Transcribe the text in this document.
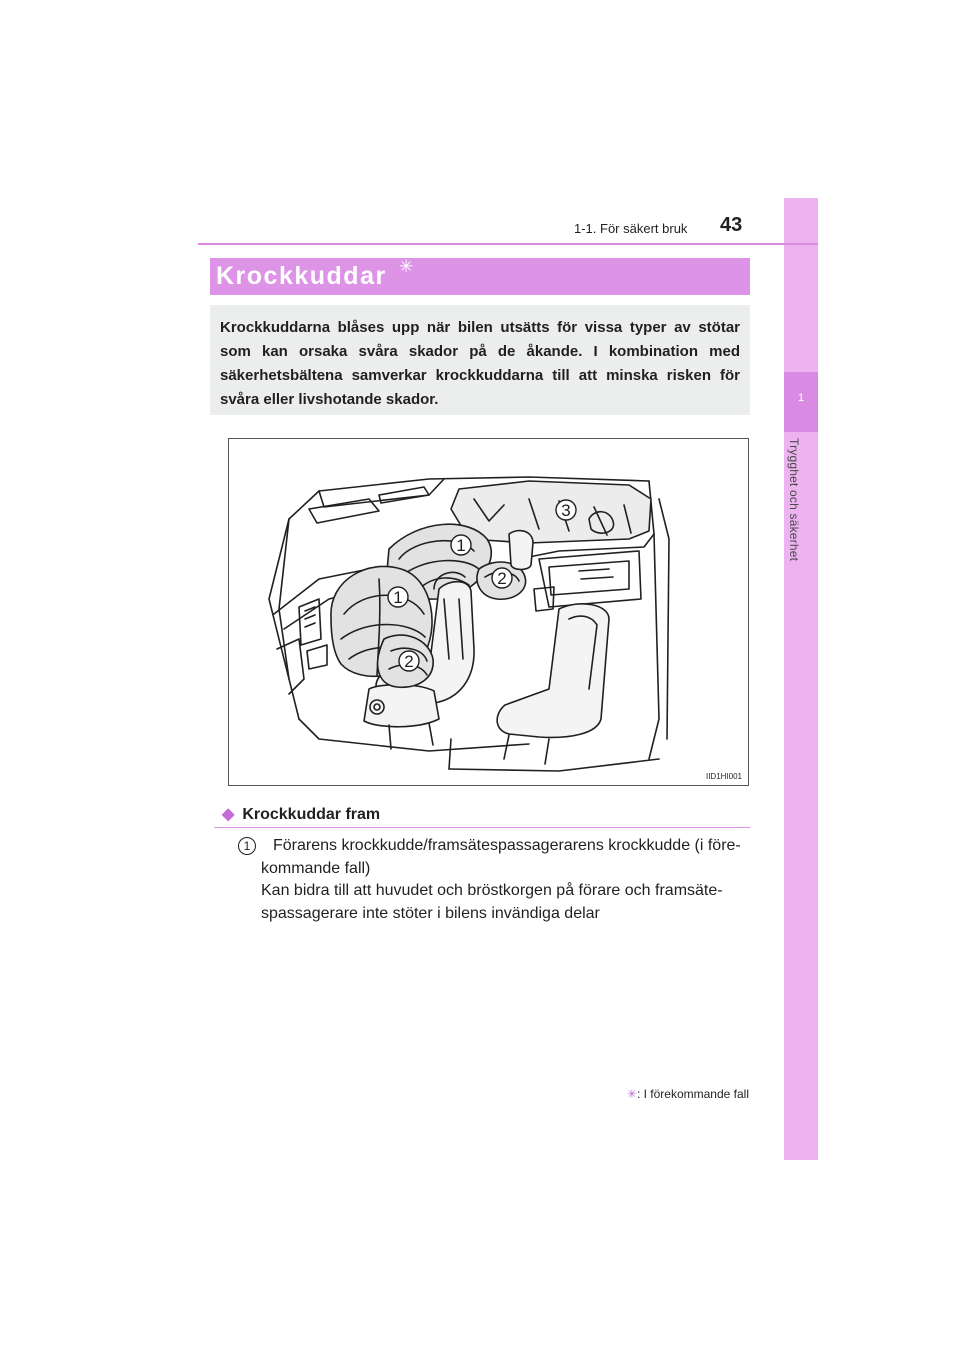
1
Trygghet och säkerhet
1-1. För säkert bruk 43
Krockkuddar ✳
Krockkuddarna blåses upp när bilen utsätts för vissa typer av stötar som kan orsaka svåra skador på de åkande. I kombination med säkerhetsbältena samverkar krockkuddarna till att minska risken för svåra eller livshotande skador.
1
2
1
2
3
IID1HI001
◆ Krockkuddar fram
1	Förarens krockkudde/framsätespassagerarens krockkudde (i före-
kommande fall)
Kan bidra till att huvudet och bröstkorgen på förare och framsäte-
spassagerare inte stöter i bilens invändiga delar
✳: I förekommande fall
